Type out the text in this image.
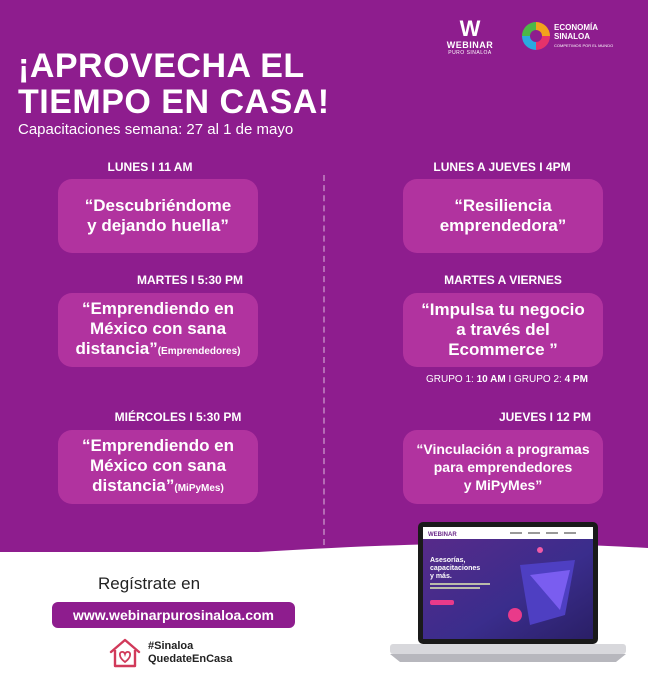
W
WEBINAR
PURO SINALOA
ECONOMÍA
SINALOA
COMPETIMOS POR EL MUNDO
¡APROVECHA EL
TIEMPO EN CASA!
Capacitaciones semana: 27 al 1 de mayo
LUNES I 11 AM
“Descubriéndome
y dejando huella”
MARTES I 5:30 PM
“Emprendiendo en
México con sana
distancia”(Emprendedores)
MIÉRCOLES I 5:30 PM
“Emprendiendo en
México con sana
distancia”(MiPyMes)
LUNES A JUEVES I 4PM
“Resiliencia
emprendedora”
MARTES A VIERNES
“Impulsa tu negocio
a través del
Ecommerce ”
GRUPO 1: 10 AM I GRUPO 2: 4 PM
JUEVES I 12 PM
“Vinculación a programas
para emprendedores
y MiPyMes”
Regístrate en
www.webinarpurosinaloa.com
#Sinaloa
QuedateEnCasa
WEBINAR
Asesorías,
capacitaciones
y más.
